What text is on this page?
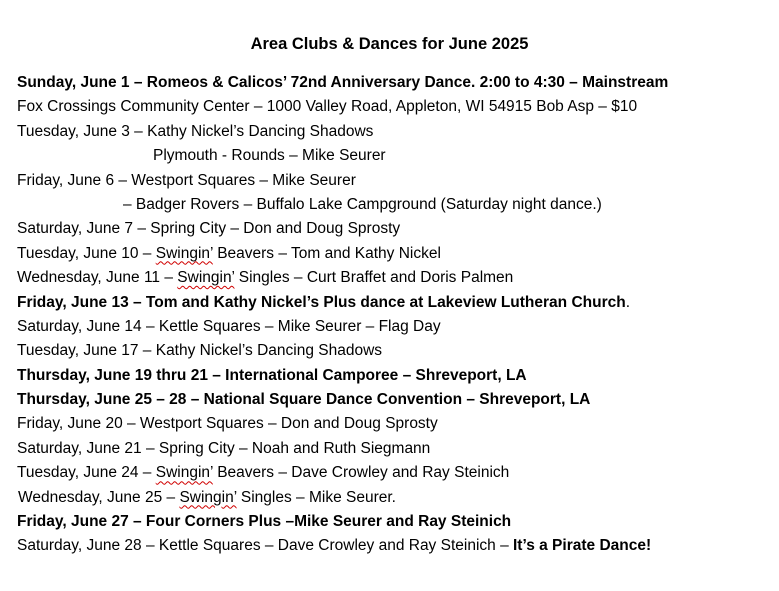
Area Clubs & Dances for June 2025
Sunday, June 1 – Romeos & Calicos’ 72nd Anniversary Dance. 2:00 to 4:30 – Mainstream
Fox Crossings Community Center – 1000 Valley Road, Appleton, WI 54915 Bob Asp – $10
Tuesday, June 3 – Kathy Nickel’s Dancing Shadows
Plymouth - Rounds – Mike Seurer
Friday, June 6 – Westport Squares – Mike Seurer
– Badger Rovers – Buffalo Lake Campground (Saturday night dance.)
Saturday, June 7 – Spring City – Don and Doug Sprosty
Tuesday, June 10 – Swingin’ Beavers – Tom and Kathy Nickel
Wednesday, June 11 – Swingin’ Singles – Curt Braffet and Doris Palmen
Friday, June 13 – Tom and Kathy Nickel’s Plus dance at Lakeview Lutheran Church.
Saturday, June 14 – Kettle Squares – Mike Seurer – Flag Day
Tuesday, June 17 – Kathy Nickel’s Dancing Shadows
Thursday, June 19 thru 21 – International Camporee – Shreveport, LA
Thursday, June 25 – 28 – National Square Dance Convention – Shreveport, LA
Friday, June 20 – Westport Squares – Don and Doug Sprosty
Saturday, June 21 – Spring City – Noah and Ruth Siegmann
Tuesday, June 24 – Swingin’ Beavers – Dave Crowley and Ray Steinich
Wednesday, June 25 – Swingin’ Singles – Mike Seurer.
Friday, June 27 – Four Corners Plus –Mike Seurer and Ray Steinich
Saturday, June 28 – Kettle Squares – Dave Crowley and Ray Steinich – It’s a Pirate Dance!
